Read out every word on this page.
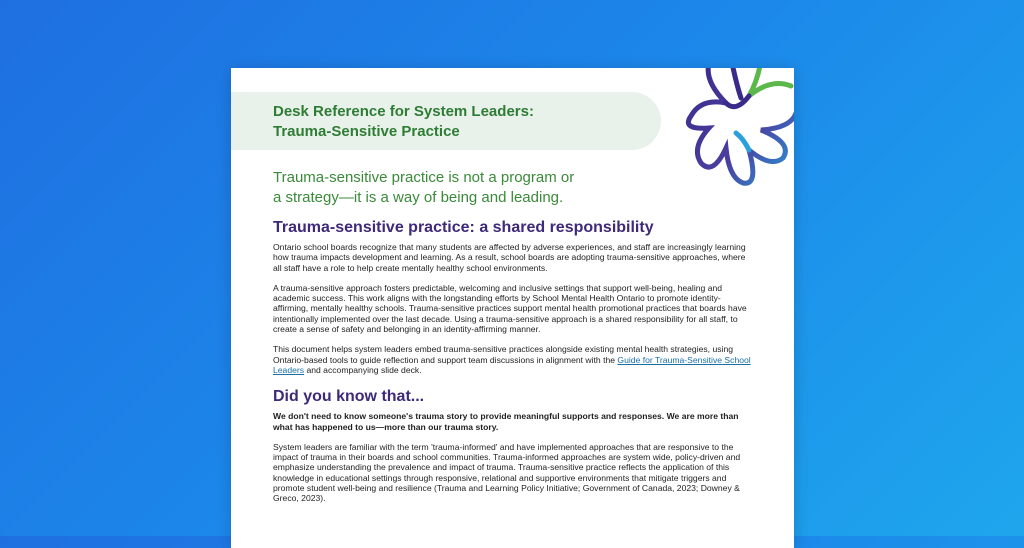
Desk Reference for System Leaders:
Trauma-Sensitive Practice
Trauma-sensitive practice is not a program or
a strategy—it is a way of being and leading.
Trauma-sensitive practice: a shared responsibility

Ontario school boards recognize that many students are affected by adverse experiences, and staff are increasingly learning how trauma impacts development and learning. As a result, school boards are adopting trauma-sensitive approaches, where all staff have a role to help create mentally healthy school environments.

A trauma-sensitive approach fosters predictable, welcoming and inclusive settings that support well-being, healing and academic success. This work aligns with the longstanding efforts by School Mental Health Ontario to promote identity-affirming, mentally healthy schools. Trauma-sensitive practices support mental health promotional practices that boards have intentionally implemented over the last decade. Using a trauma-sensitive approach is a shared responsibility for all staff, to create a sense of safety and belonging in an identity-affirming manner.

This document helps system leaders embed trauma-sensitive practices alongside existing mental health strategies, using Ontario-based tools to guide reflection and support team discussions in alignment with the Guide for Trauma-Sensitive School Leaders and accompanying slide deck.

Did you know that...

We don't need to know someone's trauma story to provide meaningful supports and responses. We are more than what has happened to us—more than our trauma story.

System leaders are familiar with the term 'trauma-informed' and have implemented approaches that are responsive to the impact of trauma in their boards and school communities. Trauma-informed approaches are system wide, policy-driven and emphasize understanding the prevalence and impact of trauma. Trauma-sensitive practice reflects the application of this knowledge in educational settings through responsive, relational and supportive environments that mitigate triggers and promote student well-being and resilience (Trauma and Learning Policy Initiative; Government of Canada, 2023; Downey & Greco, 2023).
